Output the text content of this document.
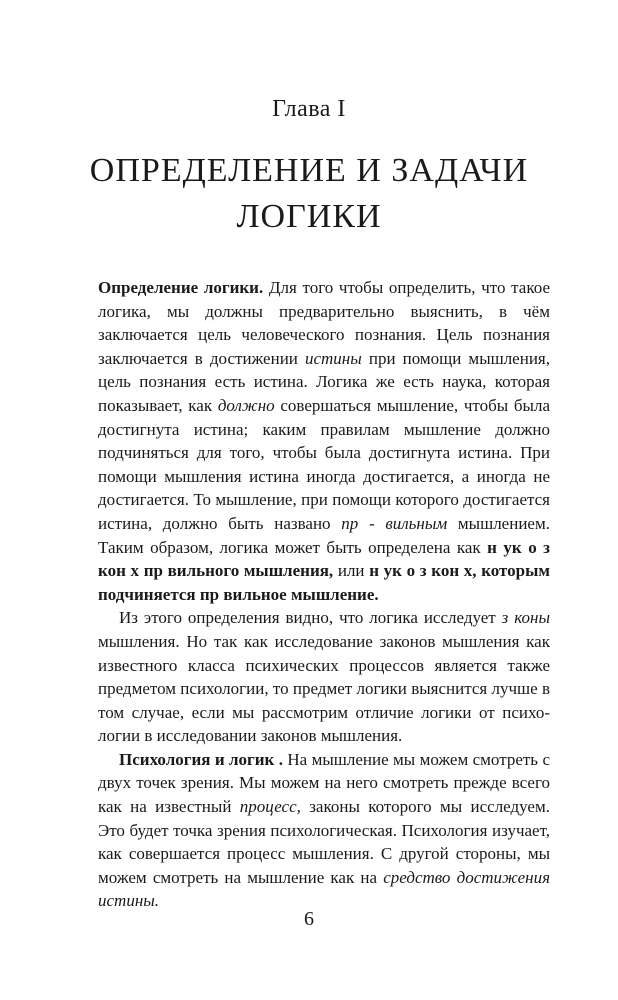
Глава I
ОПРЕДЕЛЕНИЕ И ЗАДАЧИ
ЛОГИКИ

Определение логики. Для того чтобы определить, что такое логика, мы должны предварительно выяснить, в чём заключается цель человеческого познания. Цель познания заключается в достижении истины при помощи мышления, цель познания есть истина. Логика же есть наука, которая показывает, как должно совершаться мышление, чтобы была достигнута истина; каким правилам мышление должно подчиняться для того, чтобы была достигнута истина. При помощи мышления истина иногда достигается, а иногда не достигается. То мышление, при помощи которого достигается истина, должно быть названо пр - вильным мышлением. Таким образом, логика может быть определена как н ук о з кон х пр вильного мышления, или н ук о з кон х, которым подчиняется пр вильное мышление.

Из этого определения видно, что логика исследует з коны мышления. Но так как исследование законов мышления как известного класса психических процессов является также предметом психологии, то предмет логики выяснится лучше в том случае, если мы рассмотрим отличие логики от психологии в исследовании законов мышления.

Психология и логик . На мышление мы можем смотреть с двух точек зрения. Мы можем на него смотреть прежде всего как на известный процесс, законы которого мы исследуем. Это будет точка зрения психологическая. Психология изучает, как совершается процесс мышления. С другой стороны, мы можем смотреть на мышление как на средство достижения истины.

6
